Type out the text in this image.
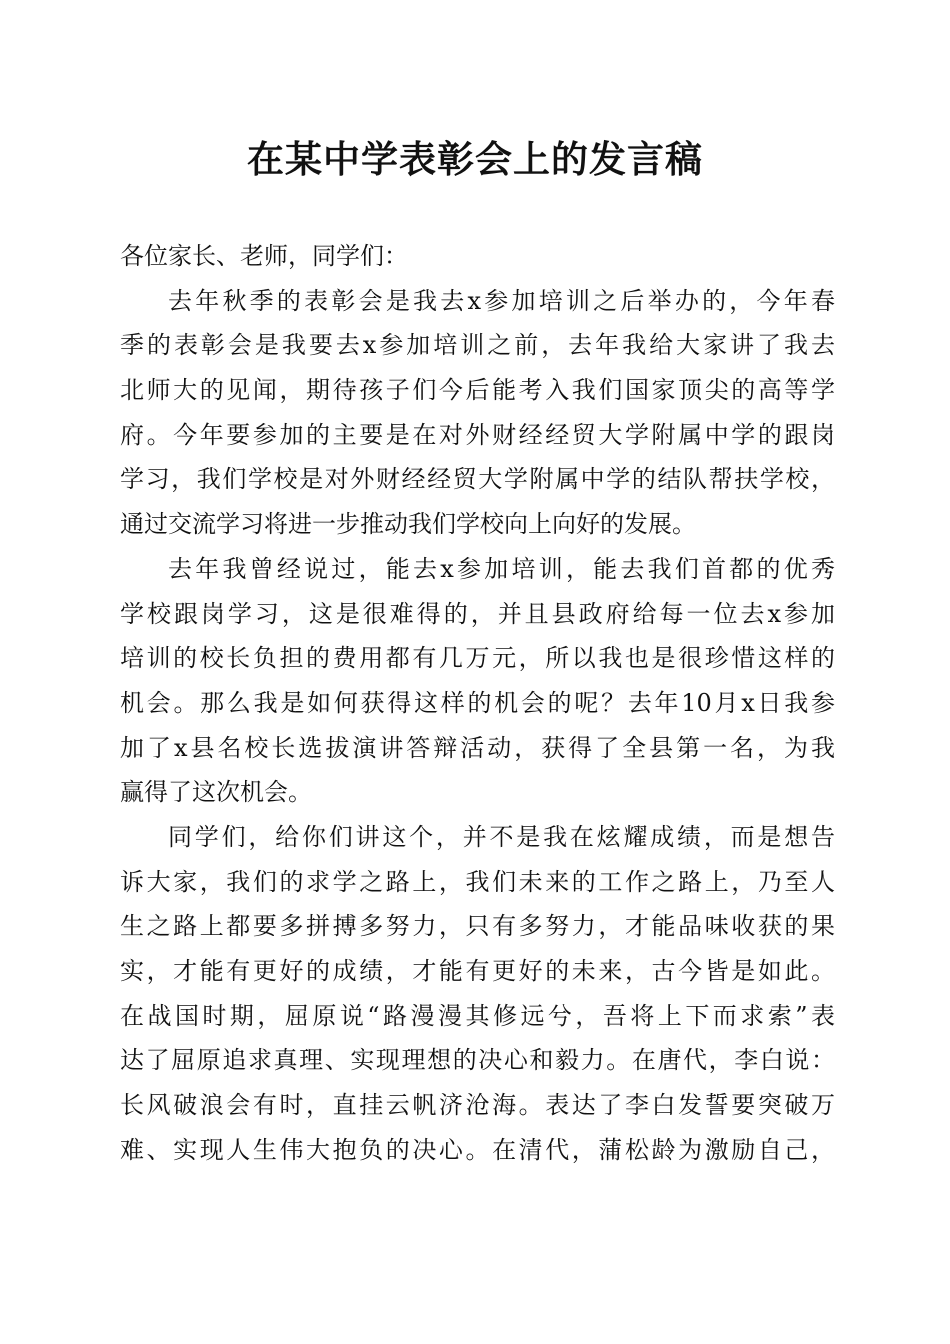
在某中学表彰会上的发言稿
各位家长、老师，同学们：
去年秋季的表彰会是我去x参加培训之后举办的，今年春
季的表彰会是我要去x参加培训之前，去年我给大家讲了我去
北师大的见闻，期待孩子们今后能考入我们国家顶尖的高等学
府。今年要参加的主要是在对外财经经贸大学附属中学的跟岗
学习，我们学校是对外财经经贸大学附属中学的结队帮扶学校，
通过交流学习将进一步推动我们学校向上向好的发展。
去年我曾经说过，能去x参加培训，能去我们首都的优秀
学校跟岗学习，这是很难得的，并且县政府给每一位去x参加
培训的校长负担的费用都有几万元，所以我也是很珍惜这样的
机会。那么我是如何获得这样的机会的呢？去年10月x日我参
加了x县名校长选拔演讲答辩活动，获得了全县第一名，为我
赢得了这次机会。
同学们，给你们讲这个，并不是我在炫耀成绩，而是想告
诉大家，我们的求学之路上，我们未来的工作之路上，乃至人
生之路上都要多拼搏多努力，只有多努力，才能品味收获的果
实，才能有更好的成绩，才能有更好的未来，古今皆是如此。
在战国时期，屈原说“路漫漫其修远兮，吾将上下而求索”表
达了屈原追求真理、实现理想的决心和毅力。在唐代，李白说：
长风破浪会有时，直挂云帆济沧海。表达了李白发誓要突破万
难、实现人生伟大抱负的决心。在清代，蒲松龄为激励自己，
